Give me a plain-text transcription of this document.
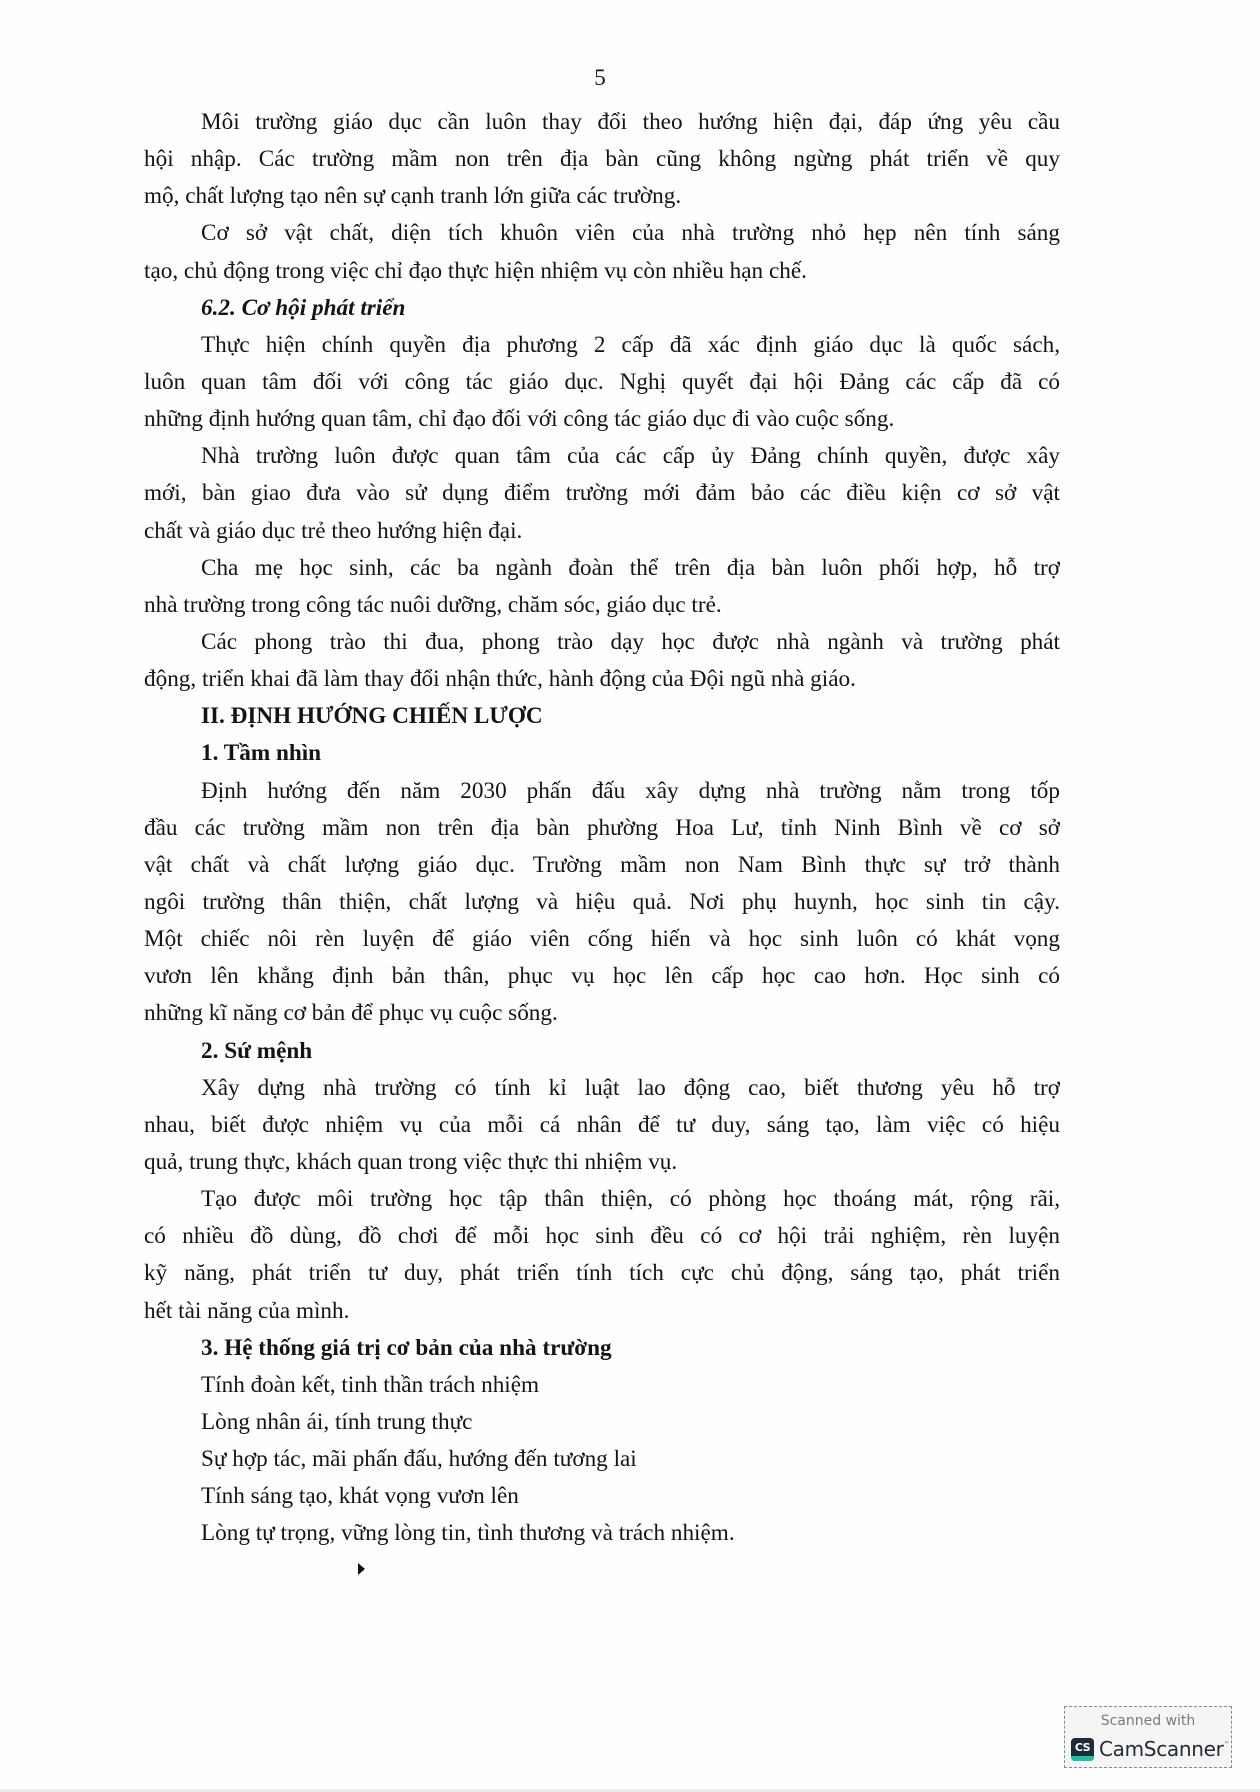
5
Môi trường giáo dục cần luôn thay đổi theo hướng hiện đại, đáp ứng yêu cầu
hội nhập. Các trường mầm non trên địa bàn cũng không ngừng phát triển về quy
mộ, chất lượng tạo nên sự cạnh tranh lớn giữa các trường.
Cơ sở vật chất, diện tích khuôn viên của nhà trường nhỏ hẹp nên tính sáng
tạo, chủ động trong việc chỉ đạo thực hiện nhiệm vụ còn nhiều hạn chế.
6.2. Cơ hội phát triển
Thực hiện chính quyền địa phương 2 cấp đã xác định giáo dục là quốc sách,
luôn quan tâm đối với công tác giáo dục. Nghị quyết đại hội Đảng các cấp đã có
những định hướng quan tâm, chỉ đạo đối với công tác giáo dục đi vào cuộc sống.
Nhà trường luôn được quan tâm của các cấp ủy Đảng chính quyền, được xây
mới, bàn giao đưa vào sử dụng điểm trường mới đảm bảo các điều kiện cơ sở vật
chất và giáo dục trẻ theo hướng hiện đại.
Cha mẹ học sinh, các ba ngành đoàn thể trên địa bàn luôn phối hợp, hỗ trợ
nhà trường trong công tác nuôi dưỡng, chăm sóc, giáo dục trẻ.
Các phong trào thi đua, phong trào dạy học được nhà ngành và trường phát
động, triển khai đã làm thay đổi nhận thức, hành động của Đội ngũ nhà giáo.
II. ĐỊNH HƯỚNG CHIẾN LƯỢC
1. Tầm nhìn
Định hướng đến năm 2030 phấn đấu xây dựng nhà trường nằm trong tốp
đầu các trường mầm non trên địa bàn phường Hoa Lư, tỉnh Ninh Bình về cơ sở
vật chất và chất lượng giáo dục. Trường mầm non Nam Bình thực sự trở thành
ngôi trường thân thiện, chất lượng và hiệu quả. Nơi phụ huynh, học sinh tin cậy.
Một chiếc nôi rèn luyện để giáo viên cống hiến và học sinh luôn có khát vọng
vươn lên khẳng định bản thân, phục vụ học lên cấp học cao hơn. Học sinh có
những kĩ năng cơ bản để phục vụ cuộc sống.
2. Sứ mệnh
Xây dựng nhà trường có tính kỉ luật lao động cao, biết thương yêu hỗ trợ
nhau, biết được nhiệm vụ của mỗi cá nhân để tư duy, sáng tạo, làm việc có hiệu
quả, trung thực, khách quan trong việc thực thi nhiệm vụ.
Tạo được môi trường học tập thân thiện, có phòng học thoáng mát, rộng rãi,
có nhiều đồ dùng, đồ chơi để mỗi học sinh đều có cơ hội trải nghiệm, rèn luyện
kỹ năng, phát triển tư duy, phát triển tính tích cực chủ động, sáng tạo, phát triển
hết tài năng của mình.
3. Hệ thống giá trị cơ bản của nhà trường
Tính đoàn kết, tinh thần trách nhiệm
Lòng nhân ái, tính trung thực
Sự hợp tác, mãi phấn đấu, hướng đến tương lai
Tính sáng tạo, khát vọng vươn lên
Lòng tự trọng, vững lòng tin, tình thương và trách nhiệm.
Scanned with
CS CamScanner ™
